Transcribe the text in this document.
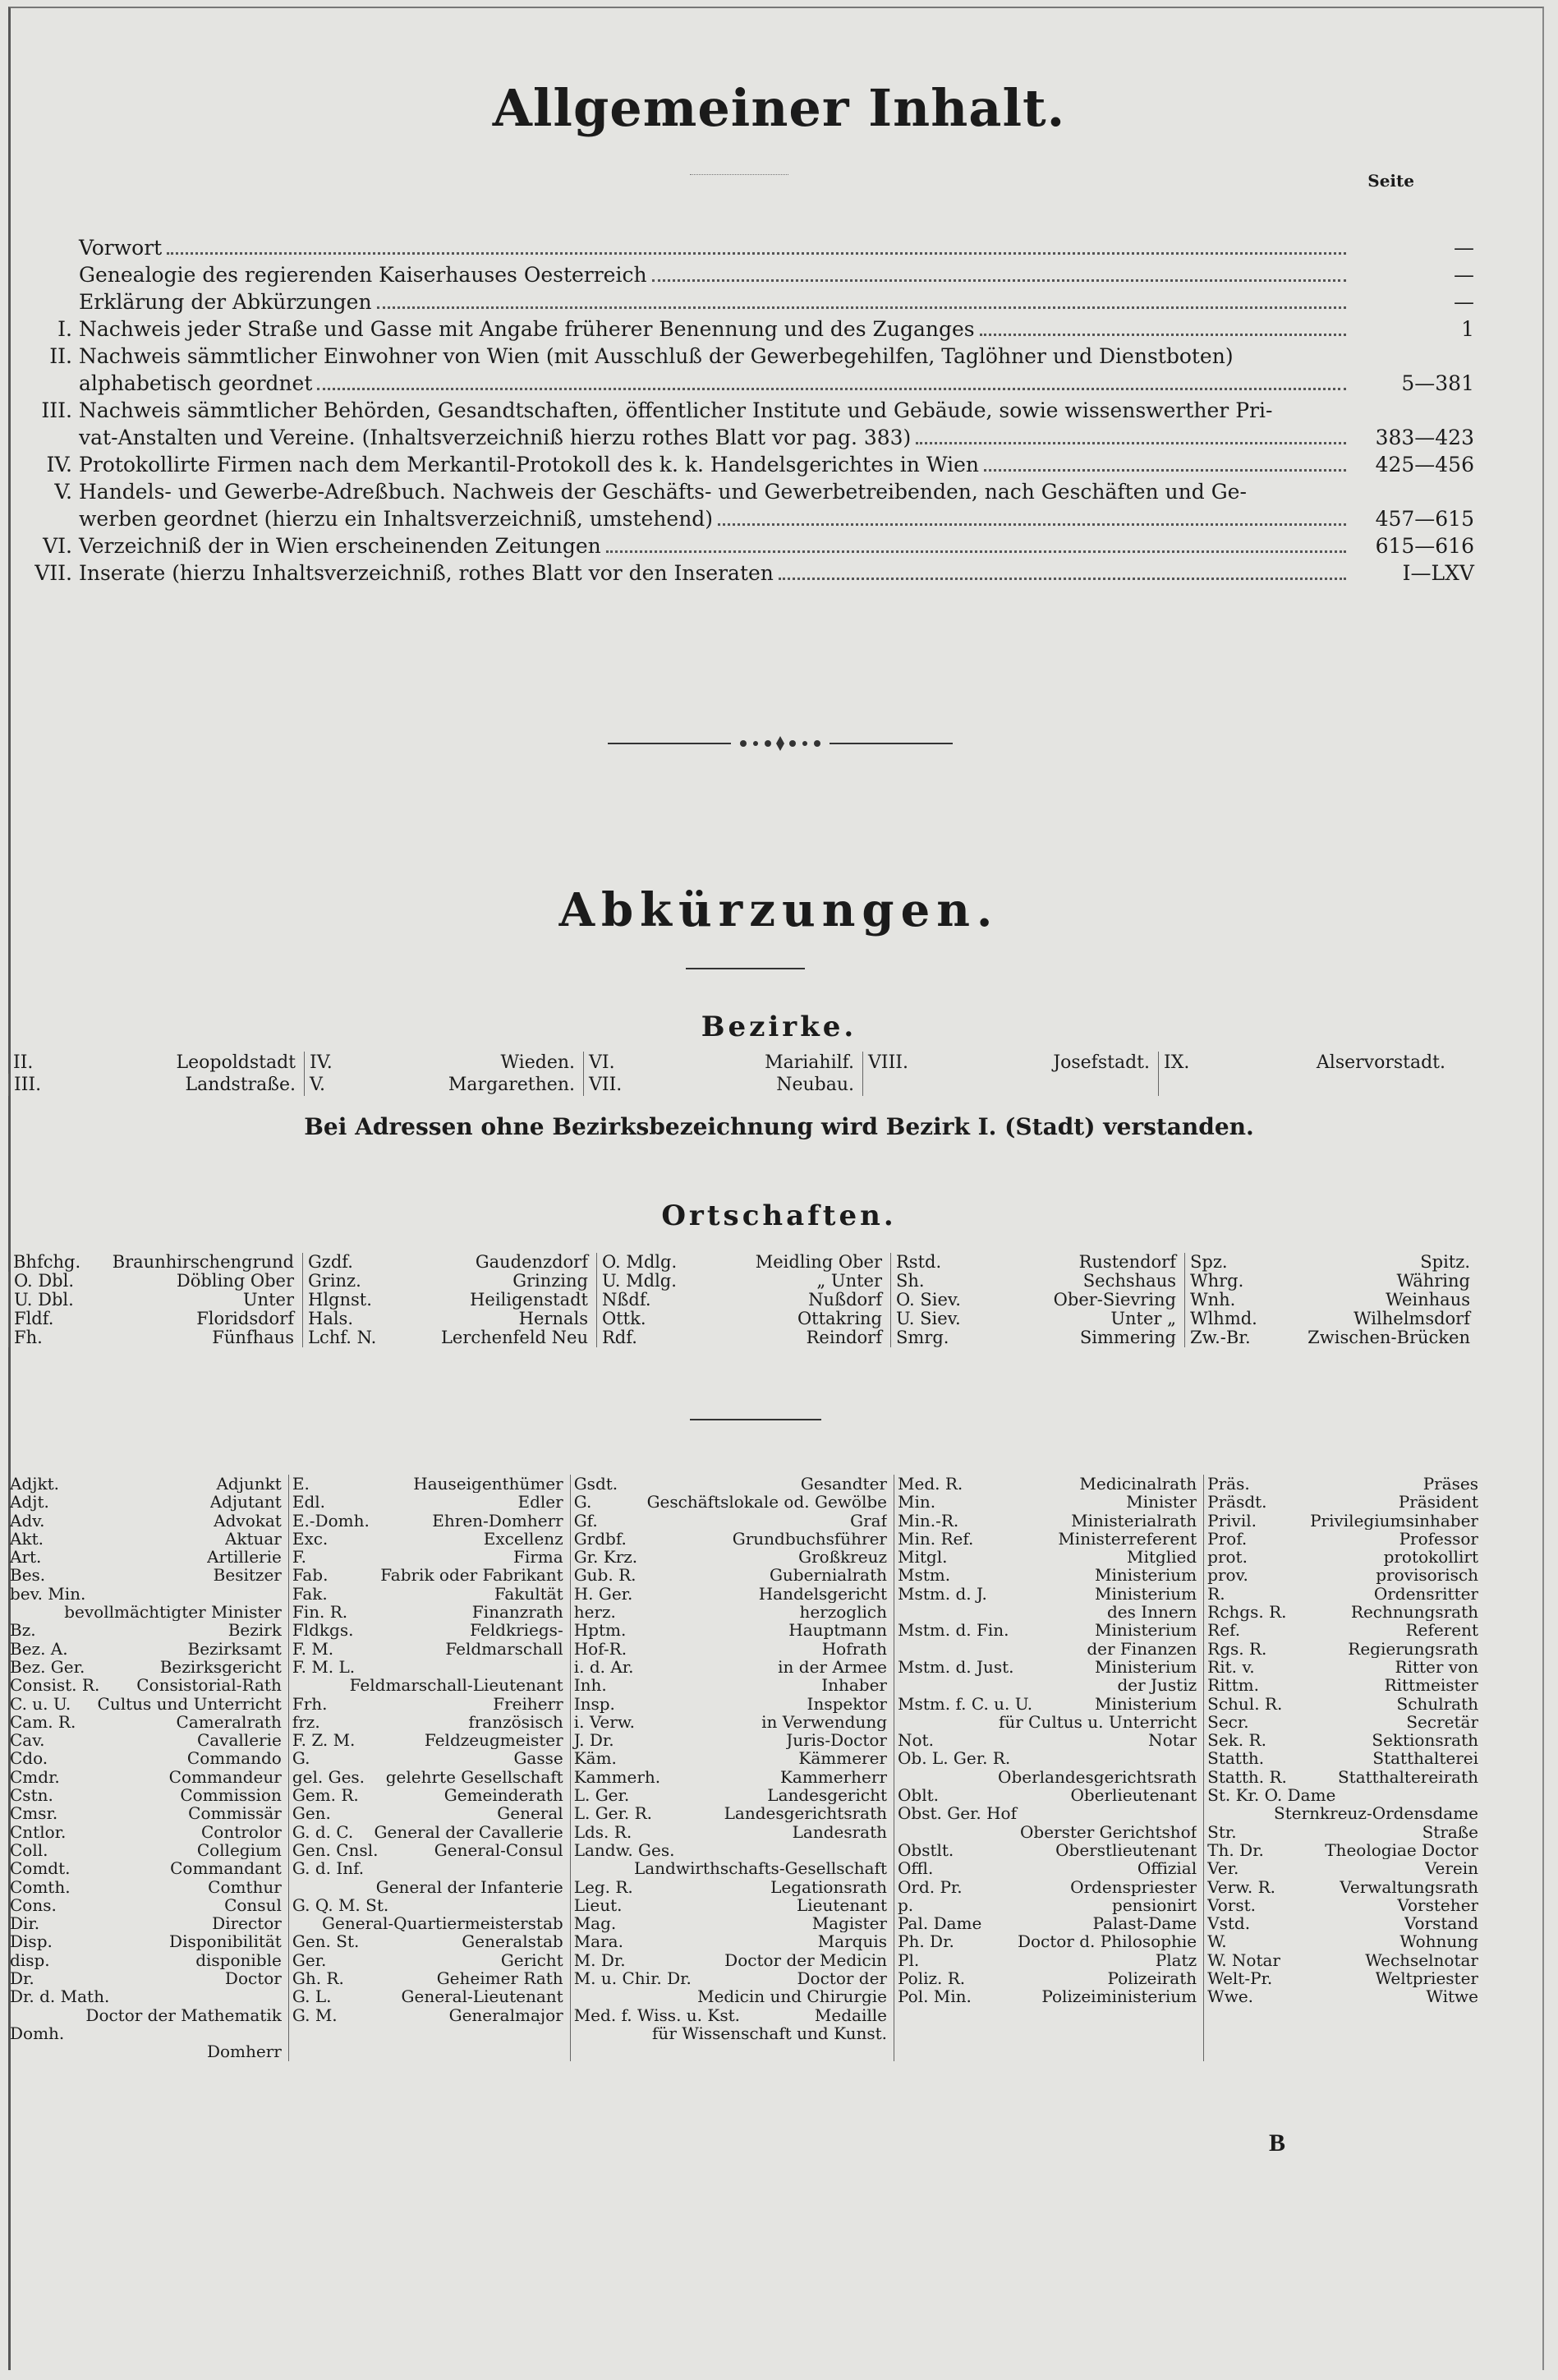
Allgemeiner Inhalt.
Seite
Vorwort	—
Genealogie des regierenden Kaiserhauses Oesterreich	—
Erklärung der Abkürzungen	—
I. Nachweis jeder Straße und Gasse mit Angabe früherer Benennung und des Zuganges	1
II. Nachweis sämmtlicher Einwohner von Wien (mit Ausschluß der Gewerbegehilfen, Taglöhner und Dienstboten)
alphabetisch geordnet	5—381
III. Nachweis sämmtlicher Behörden, Gesandtschaften, öffentlicher Institute und Gebäude, sowie wissenswerther Pri-
vat-Anstalten und Vereine. (Inhaltsverzeichniß hierzu rothes Blatt vor pag. 383)	383—423
IV. Protokollirte Firmen nach dem Merkantil-Protokoll des k. k. Handelsgerichtes in Wien	425—456
V. Handels- und Gewerbe-Adreßbuch. Nachweis der Geschäfts- und Gewerbetreibenden, nach Geschäften und Ge-
werben geordnet (hierzu ein Inhaltsverzeichniß, umstehend)	457—615
VI. Verzeichniß der in Wien erscheinenden Zeitungen	615—616
VII. Inserate (hierzu Inhaltsverzeichniß, rothes Blatt vor den Inseraten	I—LXV
Abkürzungen.
Bezirke.
II.	Leopoldstadt IV.	Wieden. VI.	Mariahilf. VIII.	Josefstadt. IX.	Alservorstadt.
III.	Landstraße. V.	Margarethen. VII.	Neubau.
Bei Adressen ohne Bezirksbezeichnung wird Bezirk I. (Stadt) verstanden.
Ortschaften.
Bhfchg. Braunhirschengrund Gzdf.	Gaudenzdorf O. Mdlg.	Meidling Ober Rstd.	Rustendorf Spz.	Spitz.
O. Dbl.	Döbling Ober Grinz.	Grinzing U. Mdlg.	„ Unter Sh.	Sechshaus Whrg.	Währing
U. Dbl.	Unter Hlgnst.	Heiligenstadt Nßdf.	Nußdorf O. Siev.	Ober-Sievring Wnh.	Weinhaus
Fldf.	Floridsdorf Hals.	Hernals Ottk.	Ottakring U. Siev.	Unter „ Wlhmd.	Wilhelmsdorf
Fh.	Fünfhaus Lchf. N.	Lerchenfeld Neu Rdf.	Reindorf Smrg.	Simmering Zw.-Br.	Zwischen-Brücken
Adjkt.	Adjunkt
Adjt.	Adjutant
Adv.	Advokat
Akt.	Aktuar
Art.	Artillerie
Bes.	Besitzer
bev. Min.
bevollmächtigter Minister
Bz.	Bezirk
Bez. A.	Bezirksamt
Bez. Ger.	Bezirksgericht
Consist. R. Consistorial-Rath
C. u. U. Cultus und Unterricht
Cam. R.	Cameralrath
Cav.	Cavallerie
Cdo.	Commando
Cmdr.	Commandeur
Cstn.	Commission
Cmsr.	Commissär
Cntlor.	Controlor
Coll.	Collegium
Comdt.	Commandant
Comth.	Comthur
Cons.	Consul
Dir.	Director
Disp.	Disponibilität
disp.	disponible
Dr.	Doctor
Dr. d. Math.
Doctor der Mathematik
Domh.
Domherr
E.	Hauseigenthümer
Edl.	Edler
E.-Domh.	Ehren-Domherr
Exc.	Excellenz
F.	Firma
Fab.	Fabrik oder Fabrikant
Fak.	Fakultät
Fin. R.	Finanzrath
Fldkgs.	Feldkriegs-
F. M.	Feldmarschall
F. M. L.
Feldmarschall-Lieutenant
Frh.	Freiherr
frz.	französisch
F. Z. M.	Feldzeugmeister
G.	Gasse
gel. Ges. gelehrte Gesellschaft
Gem. R.	Gemeinderath
Gen.	General
G. d. C. General der Cavallerie
Gen. Cnsl.	General-Consul
G. d. Inf.
General der Infanterie
G. Q. M. St.
General-Quartiermeisterstab
Gen. St.	Generalstab
Ger.	Gericht
Gh. R.	Geheimer Rath
G. L.	General-Lieutenant
G. M.	Generalmajor
Gsdt.	Gesandter
G.	Geschäftslokale od. Gewölbe
Gf.	Graf
Grdbf.	Grundbuchsführer
Gr. Krz.	Großkreuz
Gub. R.	Gubernialrath
H. Ger.	Handelsgericht
herz.	herzoglich
Hptm.	Hauptmann
Hof-R.	Hofrath
i. d. Ar.	in der Armee
Inh.	Inhaber
Insp.	Inspektor
i. Verw.	in Verwendung
J. Dr.	Juris-Doctor
Käm.	Kämmerer
Kammerh.	Kammerherr
L. Ger.	Landesgericht
L. Ger. R.	Landesgerichtsrath
Lds. R.	Landesrath
Landw. Ges.
Landwirthschafts-Gesellschaft
Leg. R.	Legationsrath
Lieut.	Lieutenant
Mag.	Magister
Mara.	Marquis
M. Dr.	Doctor der Medicin
M. u. Chir. Dr.	Doctor der
Medicin und Chirurgie
Med. f. Wiss. u. Kst.	Medaille
für Wissenschaft und Kunst.
Med. R.	Medicinalrath
Min.	Minister
Min.-R.	Ministerialrath
Min. Ref.	Ministerreferent
Mitgl.	Mitglied
Mstm.	Ministerium
Mstm. d. J.	Ministerium
des Innern
Mstm. d. Fin.	Ministerium
der Finanzen
Mstm. d. Just.	Ministerium
der Justiz
Mstm. f. C. u. U.	Ministerium
für Cultus u. Unterricht
Not.	Notar
Ob. L. Ger. R.
Oberlandesgerichtsrath
Oblt.	Oberlieutenant
Obst. Ger. Hof
Oberster Gerichtshof
Obstlt.	Oberstlieutenant
Offl.	Offizial
Ord. Pr.	Ordenspriester
p.	pensionirt
Pal. Dame	Palast-Dame
Ph. Dr.	Doctor d. Philosophie
Pl.	Platz
Poliz. R.	Polizeirath
Pol. Min.	Polizeiministerium
Präs.	Präses
Präsdt.	Präsident
Privil.	Privilegiumsinhaber
Prof.	Professor
prot.	protokollirt
prov.	provisorisch
R.	Ordensritter
Rchgs. R.	Rechnungsrath
Ref.	Referent
Rgs. R.	Regierungsrath
Rit. v.	Ritter von
Rittm.	Rittmeister
Schul. R.	Schulrath
Secr.	Secretär
Sek. R.	Sektionsrath
Statth.	Statthalterei
Statth. R.	Statthaltereirath
St. Kr. O. Dame
Sternkreuz-Ordensdame
Str.	Straße
Th. Dr.	Theologiae Doctor
Ver.	Verein
Verw. R.	Verwaltungsrath
Vorst.	Vorsteher
Vstd.	Vorstand
W.	Wohnung
W. Notar	Wechselnotar
Welt-Pr.	Weltpriester
Wwe.	Witwe
B
